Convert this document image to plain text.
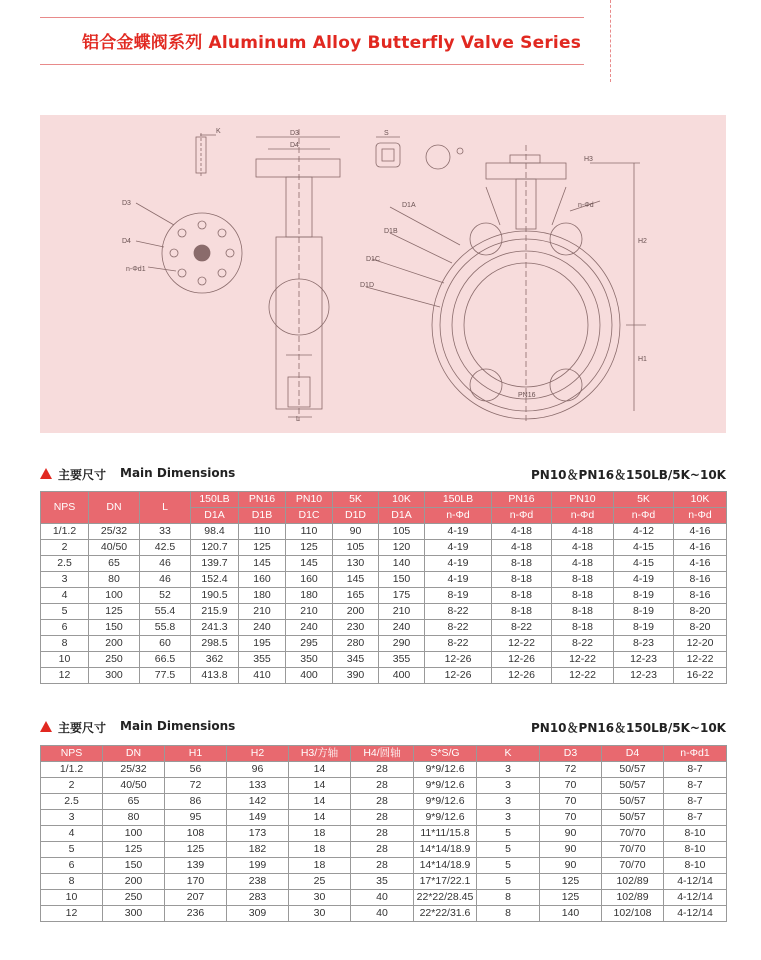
铝合金蝶阀系列 Aluminum Alloy Butterfly Valve Series
K	D3
D4
S
H3
D3
D4
n-Φd1
D1A
D1B
D1C
D1D
n-Φd
H2
H1
L
PN16
主要尺寸 Main Dimensions	PN10＆PN16＆150LB/5K~10K
NPS	DN	L	150LB	PN16	PN10	5K	10K	150LB	PN16	PN10	5K	10K
			D1A	D1B	D1C	D1D	D1A	n-Φd	n-Φd	n-Φd	n-Φd	n-Φd
1/1.2	25/32	33	98.4	110	110	90	105	4-19	4-18	4-18	4-12	4-16
2	40/50	42.5	120.7	125	125	105	120	4-19	4-18	4-18	4-15	4-16
2.5	65	46	139.7	145	145	130	140	4-19	8-18	4-18	4-15	4-16
3	80	46	152.4	160	160	145	150	4-19	8-18	8-18	4-19	8-16
4	100	52	190.5	180	180	165	175	8-19	8-18	8-18	8-19	8-16
5	125	55.4	215.9	210	210	200	210	8-22	8-18	8-18	8-19	8-20
6	150	55.8	241.3	240	240	230	240	8-22	8-22	8-18	8-19	8-20
8	200	60	298.5	195	295	280	290	8-22	12-22	8-22	8-23	12-20
10	250	66.5	362	355	350	345	355	12-26	12-26	12-22	12-23	12-22
12	300	77.5	413.8	410	400	390	400	12-26	12-26	12-22	12-23	16-22
主要尺寸 Main Dimensions	PN10＆PN16＆150LB/5K~10K
NPS	DN	H1	H2	H3/方轴	H4/圆轴	S*S/G	K	D3	D4	n-Φd1
1/1.2	25/32	56	96	14	28	9*9/12.6	3	72	50/57	8-7
2	40/50	72	133	14	28	9*9/12.6	3	70	50/57	8-7
2.5	65	86	142	14	28	9*9/12.6	3	70	50/57	8-7
3	80	95	149	14	28	9*9/12.6	3	70	50/57	8-7
4	100	108	173	18	28	11*11/15.8	5	90	70/70	8-10
5	125	125	182	18	28	14*14/18.9	5	90	70/70	8-10
6	150	139	199	18	28	14*14/18.9	5	90	70/70	8-10
8	200	170	238	25	35	17*17/22.1	5	125	102/89	4-12/14
10	250	207	283	30	40	22*22/28.45	8	125	102/89	4-12/14
12	300	236	309	30	40	22*22/31.6	8	140	102/108	4-12/14
